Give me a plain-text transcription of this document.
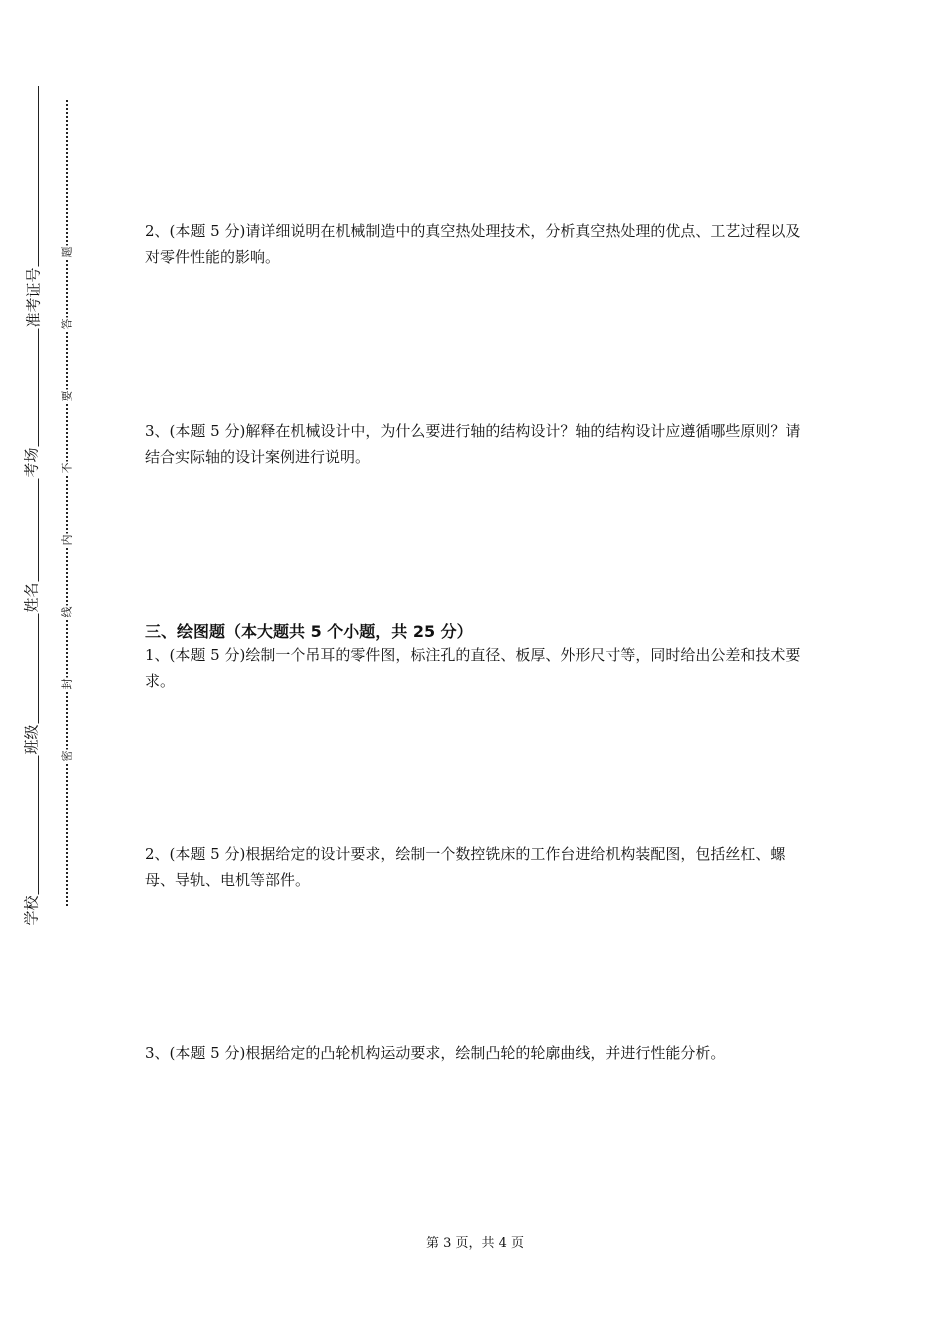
准考证号
考场
姓名
班级
学校
题
答
要
不
内
线
封
密
2、(本题 5 分)请详细说明在机械制造中的真空热处理技术，分析真空热处理的优点、工艺过程以及对零件性能的影响。
3、(本题 5 分)解释在机械设计中，为什么要进行轴的结构设计？轴的结构设计应遵循哪些原则？请结合实际轴的设计案例进行说明。
三、绘图题（本大题共 5 个小题，共 25 分）
1、(本题 5 分)绘制一个吊耳的零件图，标注孔的直径、板厚、外形尺寸等，同时给出公差和技术要求。
2、(本题 5 分)根据给定的设计要求，绘制一个数控铣床的工作台进给机构装配图，包括丝杠、螺母、导轨、电机等部件。
3、(本题 5 分)根据给定的凸轮机构运动要求，绘制凸轮的轮廓曲线，并进行性能分析。
第 3 页，共 4 页
